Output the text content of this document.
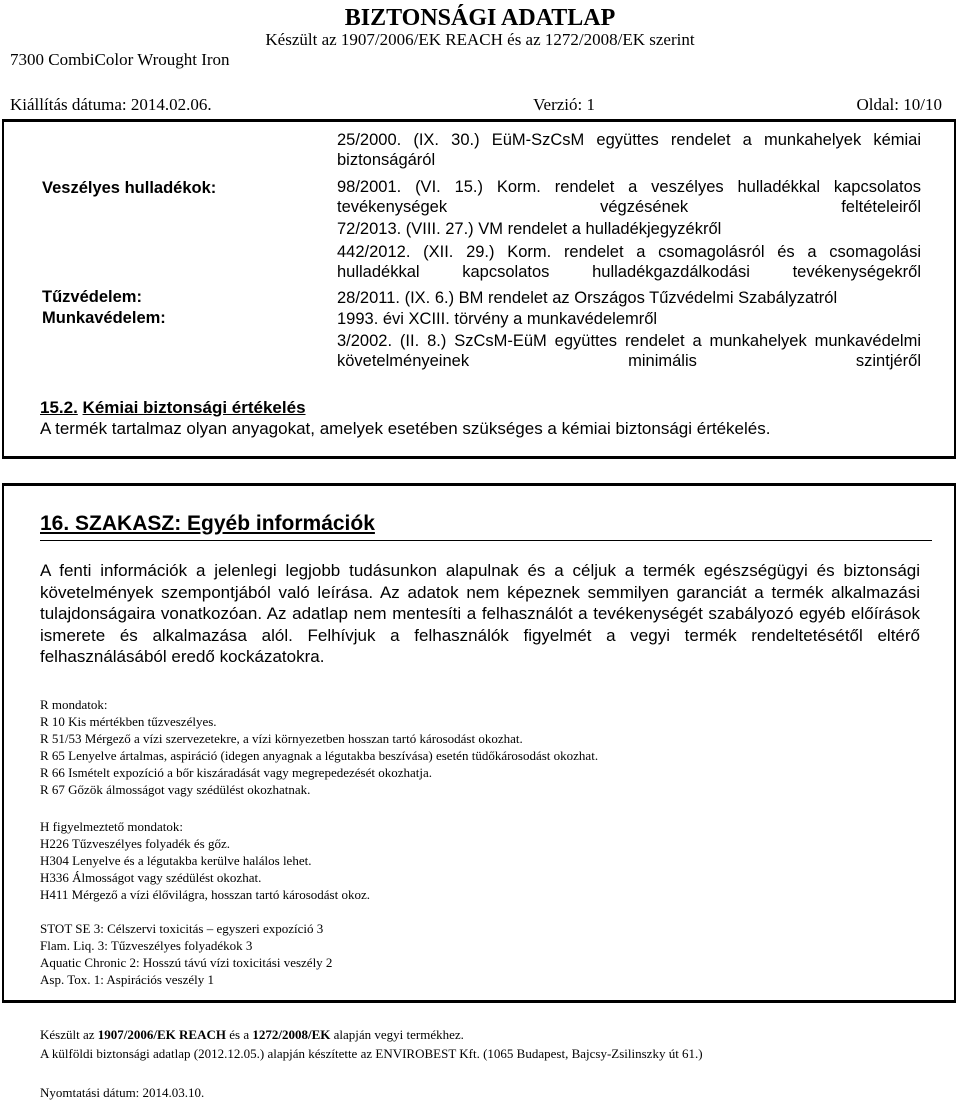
BIZTONSÁGI ADATLAP
Készült az 1907/2006/EK REACH és az 1272/2008/EK szerint
7300 CombiColor Wrought Iron
Kiállítás dátuma: 2014.02.06.	Verzió: 1	Oldal: 10/10
25/2000. (IX. 30.) EüM-SzCsM együttes rendelet a munkahelyek kémiai biztonságáról
Veszélyes hulladékok:	98/2001. (VI. 15.) Korm. rendelet a veszélyes hulladékkal kapcsolatos tevékenységek végzésének feltételeiről
72/2013. (VIII. 27.) VM rendelet a hulladékjegyzékről
442/2012. (XII. 29.) Korm. rendelet a csomagolásról és a csomagolási hulladékkal kapcsolatos hulladékgazdálkodási tevékenységekről
Tűzvédelem:	28/2011. (IX. 6.) BM rendelet az Országos Tűzvédelmi Szabályzatról
Munkavédelem:	1993. évi XCIII. törvény a munkavédelemről
3/2002. (II. 8.) SzCsM-EüM együttes rendelet a munkahelyek munkavédelmi követelményeinek minimális szintjéről
15.2. Kémiai biztonsági értékelés
A termék tartalmaz olyan anyagokat, amelyek esetében szükséges a kémiai biztonsági értékelés.
16. SZAKASZ: Egyéb információk
A fenti információk a jelenlegi legjobb tudásunkon alapulnak és a céljuk a termék egészségügyi és biztonsági követelmények szempontjából való leírása. Az adatok nem képeznek semmilyen garanciát a termék alkalmazási tulajdonságaira vonatkozóan. Az adatlap nem mentesíti a felhasználót a tevékenységét szabályozó egyéb előírások ismerete és alkalmazása alól. Felhívjuk a felhasználók figyelmét a vegyi termék rendeltetésétől eltérő felhasználásából eredő kockázatokra.
R mondatok:
R 10 Kis mértékben tűzveszélyes.
R 51/53 Mérgező a vízi szervezetekre, a vízi környezetben hosszan tartó károsodást okozhat.
R 65 Lenyelve ártalmas, aspiráció (idegen anyagnak a légutakba beszívása) esetén tüdőkárosodást okozhat.
R 66 Ismételt expozíció a bőr kiszáradását vagy megrepedezését okozhatja.
R 67 Gőzök álmosságot vagy szédülést okozhatnak.
H figyelmeztető mondatok:
H226 Tűzveszélyes folyadék és gőz.
H304 Lenyelve és a légutakba kerülve halálos lehet.
H336 Álmosságot vagy szédülést okozhat.
H411 Mérgező a vízi élővilágra, hosszan tartó károsodást okoz.
STOT SE 3: Célszervi toxicitás – egyszeri expozíció 3
Flam. Liq. 3: Tűzveszélyes folyadékok 3
Aquatic Chronic 2: Hosszú távú vízi toxicitási veszély 2
Asp. Tox. 1: Aspirációs veszély 1
Készült az 1907/2006/EK REACH és a 1272/2008/EK alapján vegyi termékhez.
A külföldi biztonsági adatlap (2012.12.05.) alapján készítette az ENVIROBEST Kft. (1065 Budapest, Bajcsy-Zsilinszky út 61.)
Nyomtatási dátum: 2014.03.10.
